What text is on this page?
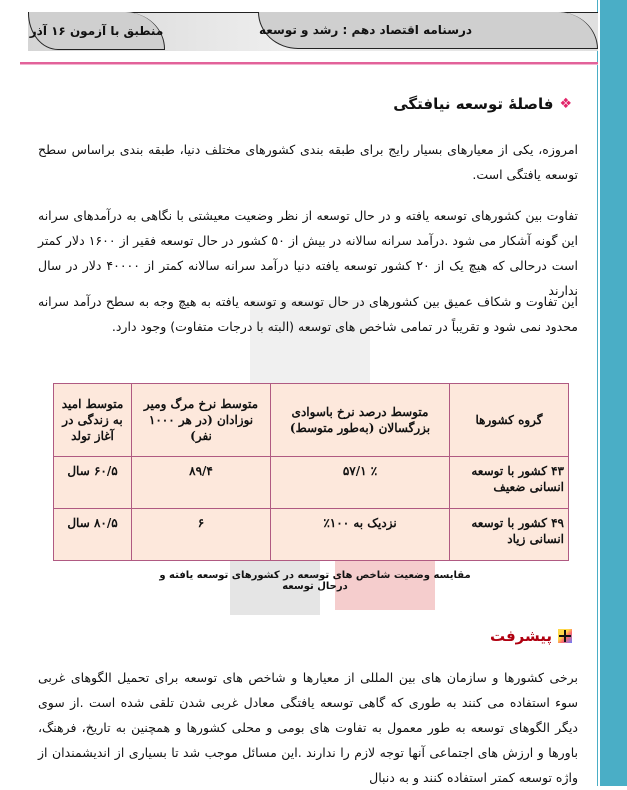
درسنامه اقتصاد دهم : رشد و توسعه
منطبق با آزمون ۱۶ آذر
❖
فاصلهٔ توسعه نیافتگی
امروزه، یکی از معیارهای بسیار رایج برای طبقه بندی کشورهای مختلف دنیا، طبقه بندی براساس سطح توسعه یافتگی است.
تفاوت بین کشورهای توسعه یافته و در حال توسعه از نظر وضعیت معیشتی با نگاهی به درآمدهای سرانه این گونه آشکار می شود .درآمد سرانه سالانه در بیش از ۵۰ کشور در حال توسعه فقیر از ۱۶۰۰ دلار کمتر است درحالی که هیچ یک از ۲۰ کشور توسعه یافته دنیا درآمد سرانه سالانه کمتر از ۴۰۰۰۰ دلار در سال ندارند
این تفاوت و شکاف عمیق بین کشورهای در حال توسعه و توسعه یافته به هیچ وجه به سطح درآمد سرانه محدود نمی شود و تقریباً در تمامی شاخص های توسعه (البته با درجات متفاوت) وجود دارد.
گروه کشورها	متوسط درصد نرخ باسوادی بزرگسالان (به‌طور متوسط)	متوسط نرخ مرگ ومیر نوزادان (در هر ۱۰۰۰ نفر)	متوسط امید به زندگی در آغاز تولد
۴۳ کشور با توسعه انسانی ضعیف	٪ ۵۷/۱	۸۹/۴	۶۰/۵ سال
۴۹ کشور با توسعه انسانی زیاد	نزدیک به ۱۰۰٪	۶	۸۰/۵ سال
مقایسه وضعیت شاخص های توسعه در کشورهای توسعه یافته و درحال توسعه
پیشرفت
برخی کشورها و سازمان های بین المللی از معیارها و شاخص های توسعه برای تحمیل الگوهای غربی سوء استفاده می کنند به طوری که گاهی توسعه یافتگی معادل غربی شدن تلقی شده است .از سوی دیگر الگوهای توسعه به طور معمول به تفاوت های بومی و محلی کشورها و همچنین به تاریخ، فرهنگ، باورها و ارزش های اجتماعی آنها توجه لازم را ندارند .این مسائل موجب شد تا بسیاری از اندیشمندان از واژه توسعه کمتر استفاده کنند و به دنبال
